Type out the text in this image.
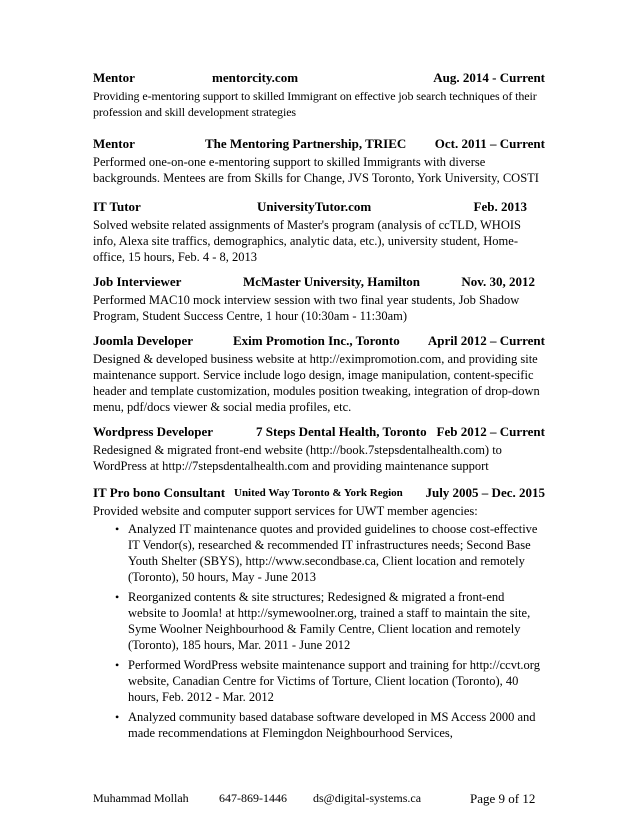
Mentor	mentorcity.com	Aug. 2014 - Current
Providing e-mentoring support to skilled Immigrant on effective job search techniques of their profession and skill development strategies
Mentor	The Mentoring Partnership, TRIEC Oct. 2011 – Current
Performed one-on-one e-mentoring support to skilled Immigrants with diverse backgrounds. Mentees are from Skills for Change, JVS Toronto, York University, COSTI
IT Tutor	UniversityTutor.com	Feb. 2013
Solved website related assignments of Master's program (analysis of ccTLD, WHOIS info, Alexa site traffics, demographics, analytic data, etc.), university student, Home-office, 15 hours, Feb. 4 - 8, 2013
Job Interviewer	McMaster University, Hamilton	Nov. 30, 2012
Performed MAC10 mock interview session with two final year students, Job Shadow Program, Student Success Centre, 1 hour (10:30am - 11:30am)
Joomla Developer	Exim Promotion Inc., Toronto April 2012 – Current
Designed & developed business website at http://eximpromotion.com, and providing site maintenance support. Service include logo design, image manipulation, content-specific header and template customization, modules position tweaking, integration of drop-down menu, pdf/docs viewer & social media profiles, etc.
Wordpress Developer	7 Steps Dental Health, Toronto Feb 2012 – Current
Redesigned & migrated front-end website (http://book.7stepsdentalhealth.com) to WordPress at http://7stepsdentalhealth.com and providing maintenance support
IT Pro bono Consultant United Way Toronto & York Region July 2005 – Dec. 2015
Provided website and computer support services for UWT member agencies:
• Analyzed IT maintenance quotes and provided guidelines to choose cost-effective IT Vendor(s), researched & recommended IT infrastructures needs; Second Base Youth Shelter (SBYS), http://www.secondbase.ca, Client location and remotely (Toronto), 50 hours, May - June 2013
• Reorganized contents & site structures; Redesigned & migrated a front-end website to Joomla! at http://symewoolner.org, trained a staff to maintain the site, Syme Woolner Neighbourhood & Family Centre, Client location and remotely (Toronto), 185 hours, Mar. 2011 - June 2012
• Performed WordPress website maintenance support and training for http://ccvt.org website, Canadian Centre for Victims of Torture, Client location (Toronto), 40 hours, Feb. 2012 - Mar. 2012
• Analyzed community based database software developed in MS Access 2000 and made recommendations at Flemingdon Neighbourhood Services,
Muhammad Mollah	647-869-1446 ds@digital-systems.ca	Page 9 of 12
